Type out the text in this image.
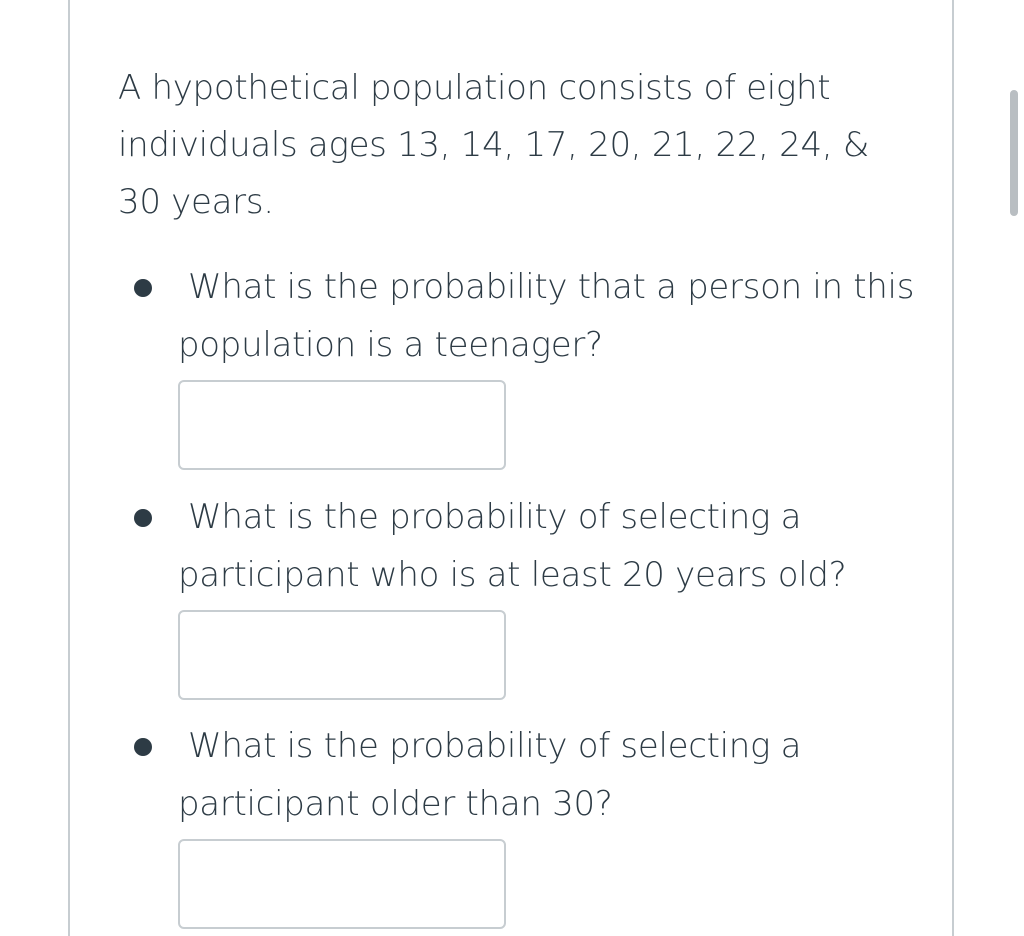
A hypothetical population consists of eight individuals ages 13, 14, 17, 20, 21, 22, 24, & 30 years.

What is the probability that a person in this population is a teenager?

What is the probability of selecting a participant who is at least 20 years old?

What is the probability of selecting a participant older than 30?
